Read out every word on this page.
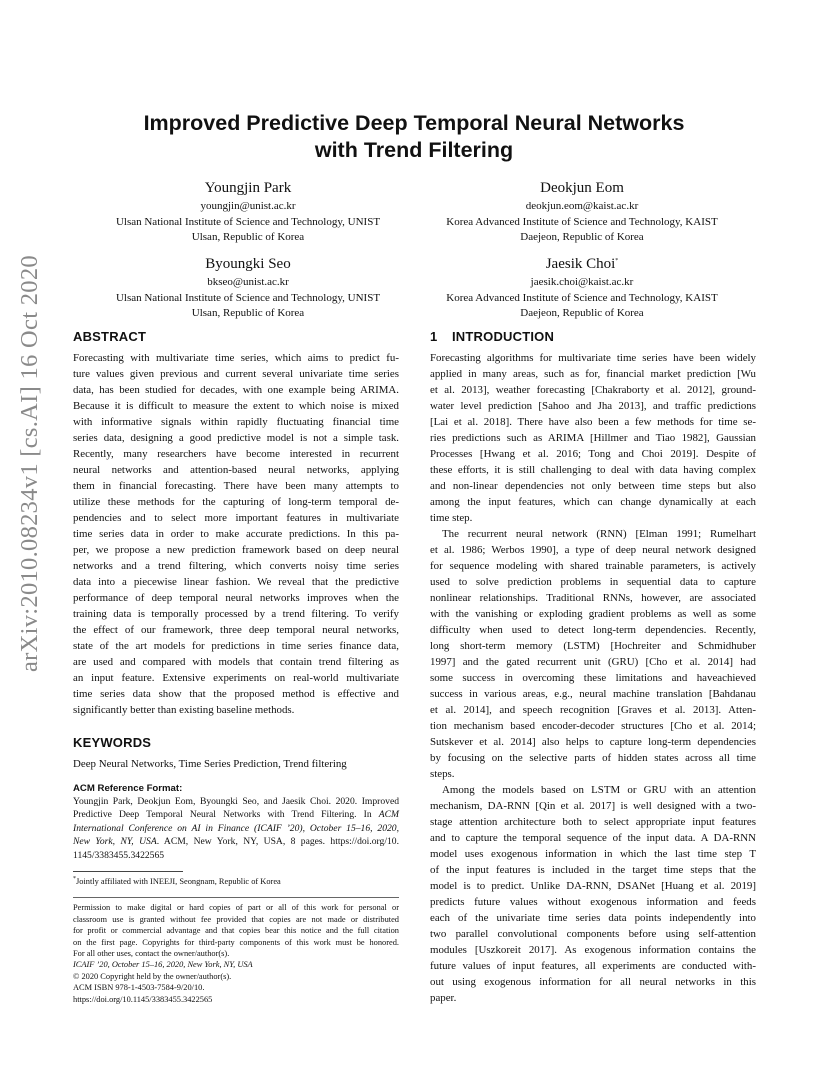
arXiv:2010.08234v1 [cs.AI] 16 Oct 2020
Improved Predictive Deep Temporal Neural Networks
with Trend Filtering
Youngjin Park
youngjin@unist.ac.kr
Ulsan National Institute of Science and Technology, UNIST
Ulsan, Republic of Korea
Deokjun Eom
deokjun.eom@kaist.ac.kr
Korea Advanced Institute of Science and Technology, KAIST
Daejeon, Republic of Korea
Byoungki Seo
bkseo@unist.ac.kr
Ulsan National Institute of Science and Technology, UNIST
Ulsan, Republic of Korea
Jaesik Choi*
jaesik.choi@kaist.ac.kr
Korea Advanced Institute of Science and Technology, KAIST
Daejeon, Republic of Korea
ABSTRACT
Forecasting with multivariate time series, which aims to predict fu-
ture values given previous and current several univariate time series
data, has been studied for decades, with one example being ARIMA.
Because it is difficult to measure the extent to which noise is mixed
with informative signals within rapidly fluctuating financial time
series data, designing a good predictive model is not a simple task.
Recently, many researchers have become interested in recurrent
neural networks and attention-based neural networks, applying
them in financial forecasting. There have been many attempts to
utilize these methods for the capturing of long-term temporal de-
pendencies and to select more important features in multivariate
time series data in order to make accurate predictions. In this pa-
per, we propose a new prediction framework based on deep neural
networks and a trend filtering, which converts noisy time series
data into a piecewise linear fashion. We reveal that the predictive
performance of deep temporal neural networks improves when the
training data is temporally processed by a trend filtering. To verify
the effect of our framework, three deep temporal neural networks,
state of the art models for predictions in time series finance data,
are used and compared with models that contain trend filtering as
an input feature. Extensive experiments on real-world multivariate
time series data show that the proposed method is effective and
significantly better than existing baseline methods.
KEYWORDS
Deep Neural Networks, Time Series Prediction, Trend filtering
ACM Reference Format:
Youngjin Park, Deokjun Eom, Byoungki Seo, and Jaesik Choi. 2020. Improved
Predictive Deep Temporal Neural Networks with Trend Filtering. In ACM
International Conference on AI in Finance (ICAIF ’20), October 15–16, 2020,
New York, NY, USA. ACM, New York, NY, USA, 8 pages. https://doi.org/10.
1145/3383455.3422565
*Jointly affiliated with INEEJI, Seongnam, Republic of Korea
Permission to make digital or hard copies of part or all of this work for personal or
classroom use is granted without fee provided that copies are not made or distributed
for profit or commercial advantage and that copies bear this notice and the full citation
on the first page. Copyrights for third-party components of this work must be honored.
For all other uses, contact the owner/author(s).
ICAIF ’20, October 15–16, 2020, New York, NY, USA
© 2020 Copyright held by the owner/author(s).
ACM ISBN 978-1-4503-7584-9/20/10.
https://doi.org/10.1145/3383455.3422565
1 INTRODUCTION
Forecasting algorithms for multivariate time series have been widely
applied in many areas, such as for, financial market prediction [Wu
et al. 2013], weather forecasting [Chakraborty et al. 2012], ground-
water level prediction [Sahoo and Jha 2013], and traffic predictions
[Lai et al. 2018]. There have also been a few methods for time se-
ries predictions such as ARIMA [Hillmer and Tiao 1982], Gaussian
Processes [Hwang et al. 2016; Tong and Choi 2019]. Despite of
these efforts, it is still challenging to deal with data having complex
and non-linear dependencies not only between time steps but also
among the input features, which can change dynamically at each
time step.
The recurrent neural network (RNN) [Elman 1991; Rumelhart
et al. 1986; Werbos 1990], a type of deep neural network designed
for sequence modeling with shared trainable parameters, is actively
used to solve prediction problems in sequential data to capture
nonlinear relationships. Traditional RNNs, however, are associated
with the vanishing or exploding gradient problems as well as some
difficulty when used to detect long-term dependencies. Recently,
long short-term memory (LSTM) [Hochreiter and Schmidhuber
1997] and the gated recurrent unit (GRU) [Cho et al. 2014] had
some success in overcoming these limitations and haveachieved
success in various areas, e.g., neural machine translation [Bahdanau
et al. 2014], and speech recognition [Graves et al. 2013]. Atten-
tion mechanism based encoder-decoder structures [Cho et al. 2014;
Sutskever et al. 2014] also helps to capture long-term dependencies
by focusing on the selective parts of hidden states across all time
steps.
Among the models based on LSTM or GRU with an attention
mechanism, DA-RNN [Qin et al. 2017] is well designed with a two-
stage attention architecture both to select appropriate input features
and to capture the temporal sequence of the input data. A DA-RNN
model uses exogenous information in which the last time step T
of the input features is included in the target time steps that the
model is to predict. Unlike DA-RNN, DSANet [Huang et al. 2019]
predicts future values without exogenous information and feeds
each of the univariate time series data points independently into
two parallel convolutional components before using self-attention
modules [Uszkoreit 2017]. As exogenous information contains the
future values of input features, all experiments are conducted with-
out using exogenous information for all neural networks in this
paper.
